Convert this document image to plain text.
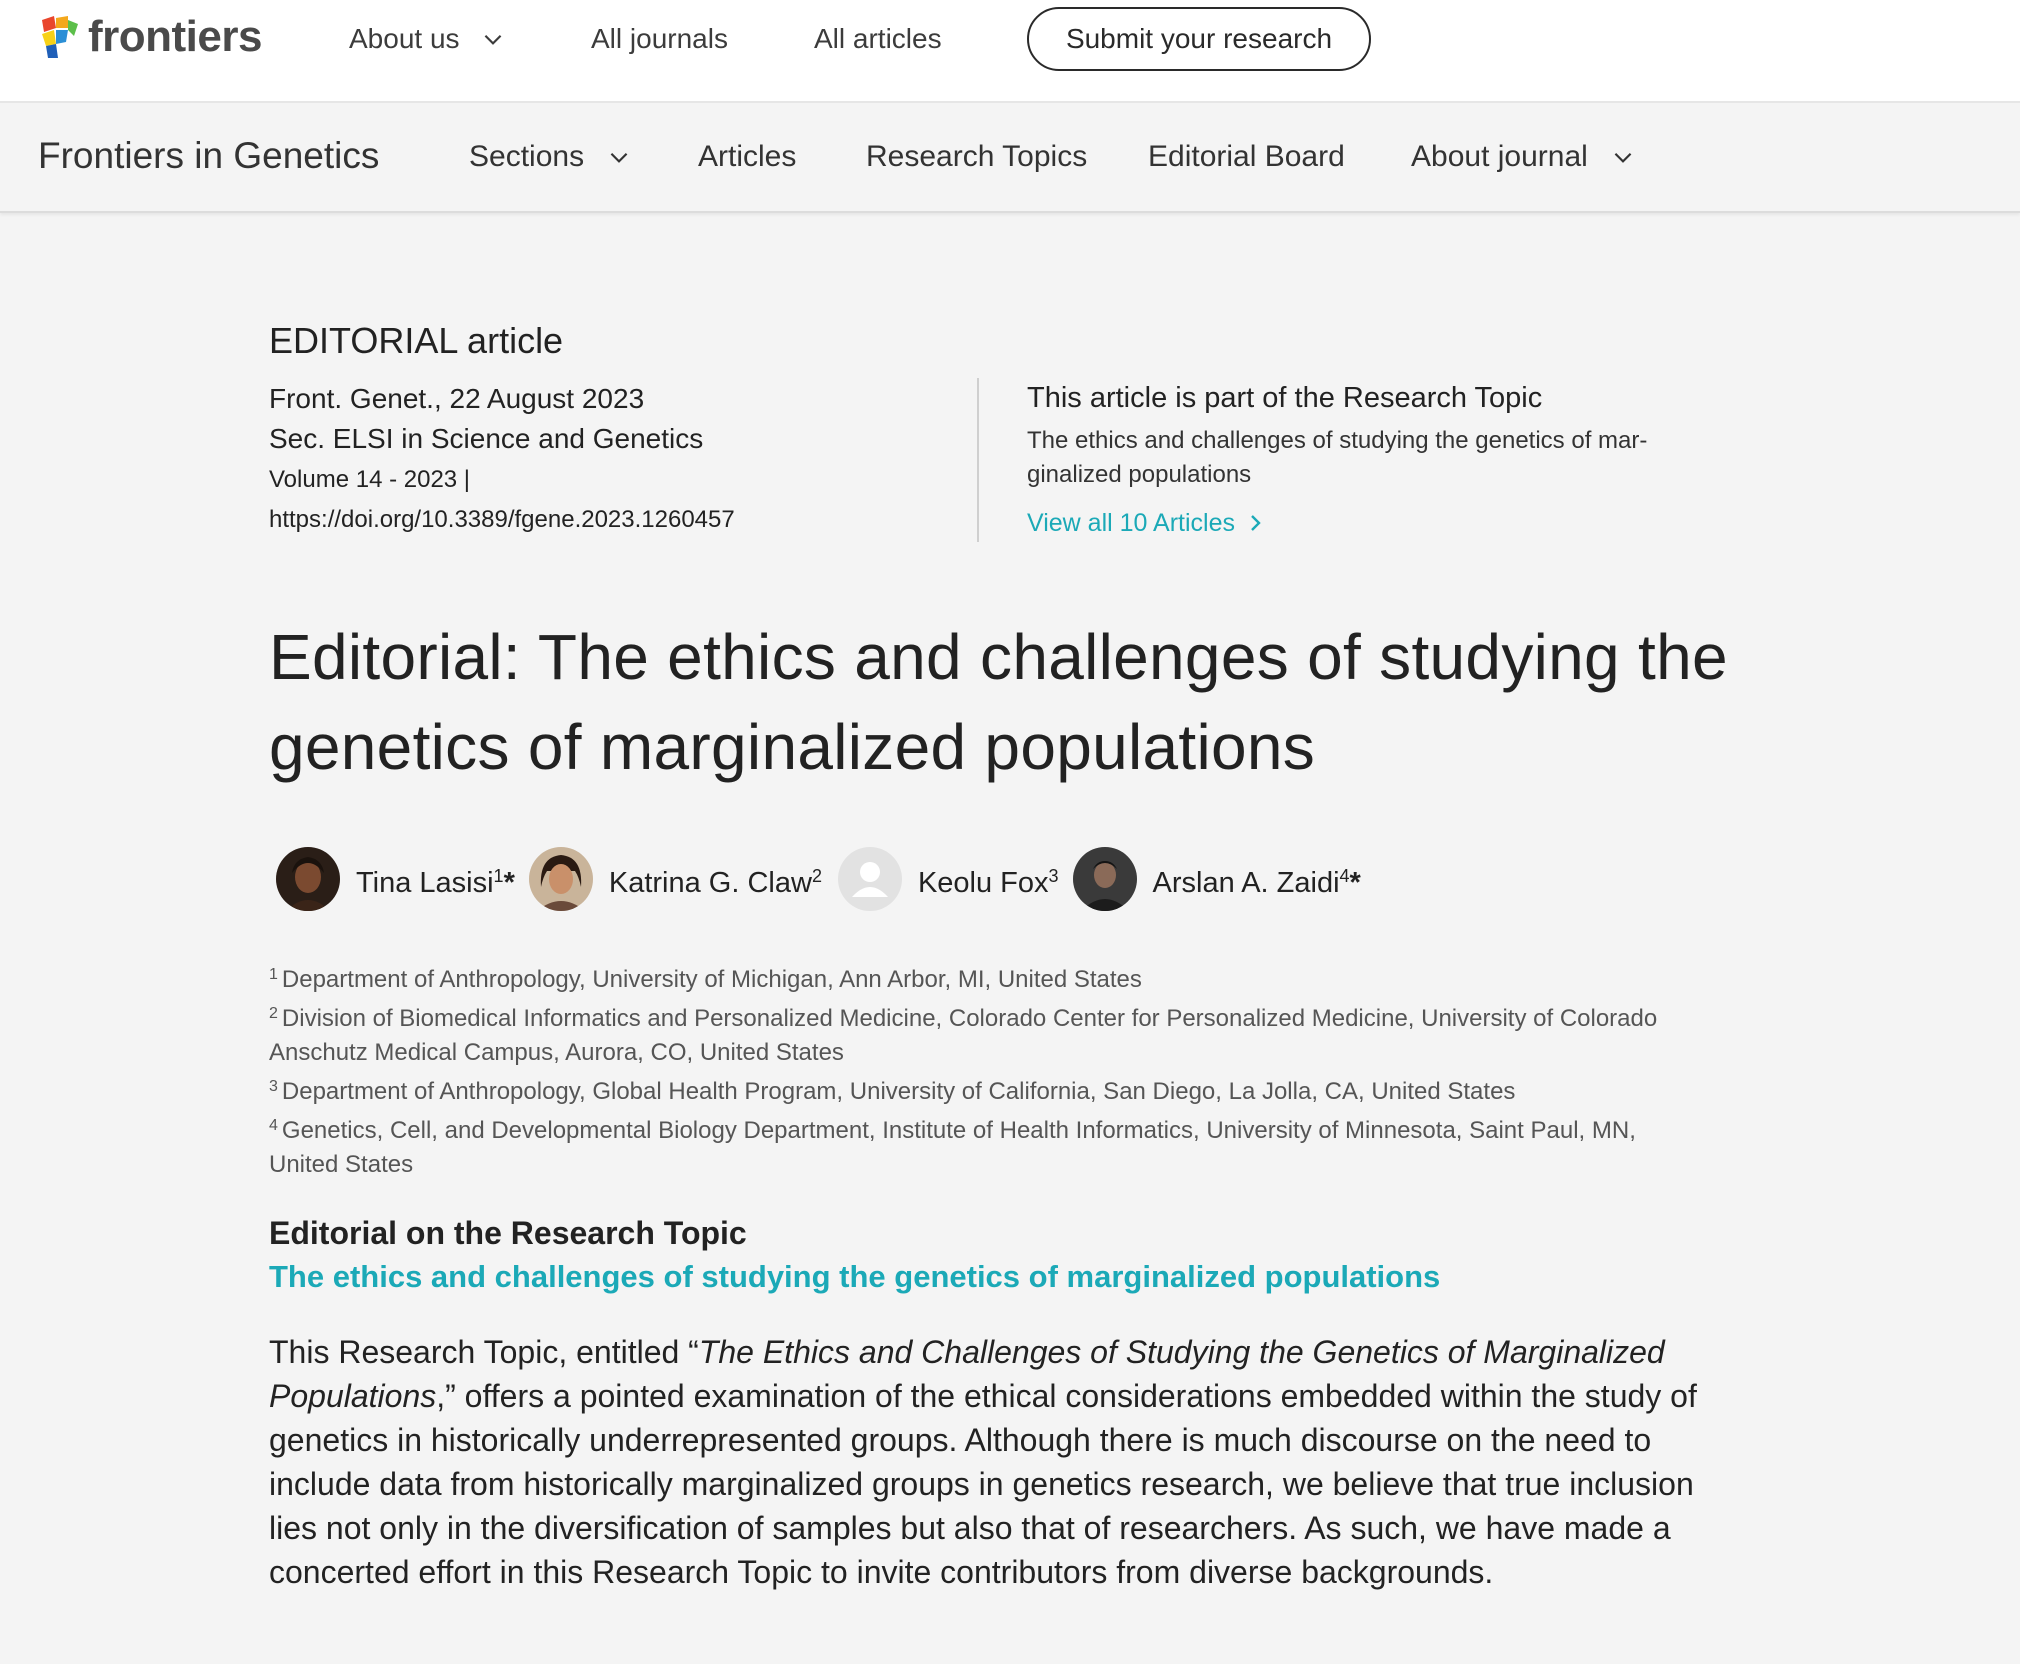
frontiers	About us	All journals	All articles	Submit your research
Frontiers in Genetics	Sections	Articles Research Topics Editorial Board About journal
EDITORIAL article
Front. Genet., 22 August 2023
Sec. ELSI in Science and Genetics
Volume 14 - 2023 |
https://doi.org/10.3389/fgene.2023.1260457
This article is part of the Research Topic
The ethics and challenges of studying the genetics of mar-ginalized populations
View all 10 Articles
Editorial: The ethics and challenges of studying the genetics of marginalized populations
Tina Lasisi$^1$*	Katrina G. Claw$^2$	Keolu Fox$^3$	Arslan A. Zaidi$^4$*
$^1$ Department of Anthropology, University of Michigan, Ann Arbor, MI, United States
$^2$ Division of Biomedical Informatics and Personalized Medicine, Colorado Center for Personalized Medicine, University of Colorado Anschutz Medical Campus, Aurora, CO, United States
$^3$ Department of Anthropology, Global Health Program, University of California, San Diego, La Jolla, CA, United States
$^4$ Genetics, Cell, and Developmental Biology Department, Institute of Health Informatics, University of Minnesota, Saint Paul, MN, United States
Editorial on the Research Topic
The ethics and challenges of studying the genetics of marginalized populations

This Research Topic, entitled “The Ethics and Challenges of Studying the Genetics of Marginalized Populations,” offers a pointed examination of the ethical considerations embedded within the study of genetics in historically underrepresented groups. Although there is much discourse on the need to include data from historically marginalized groups in genetics research, we believe that true inclusion lies not only in the diversification of samples but also that of researchers. As such, we have made a concerted effort in this Research Topic to invite contributors from diverse backgrounds.
